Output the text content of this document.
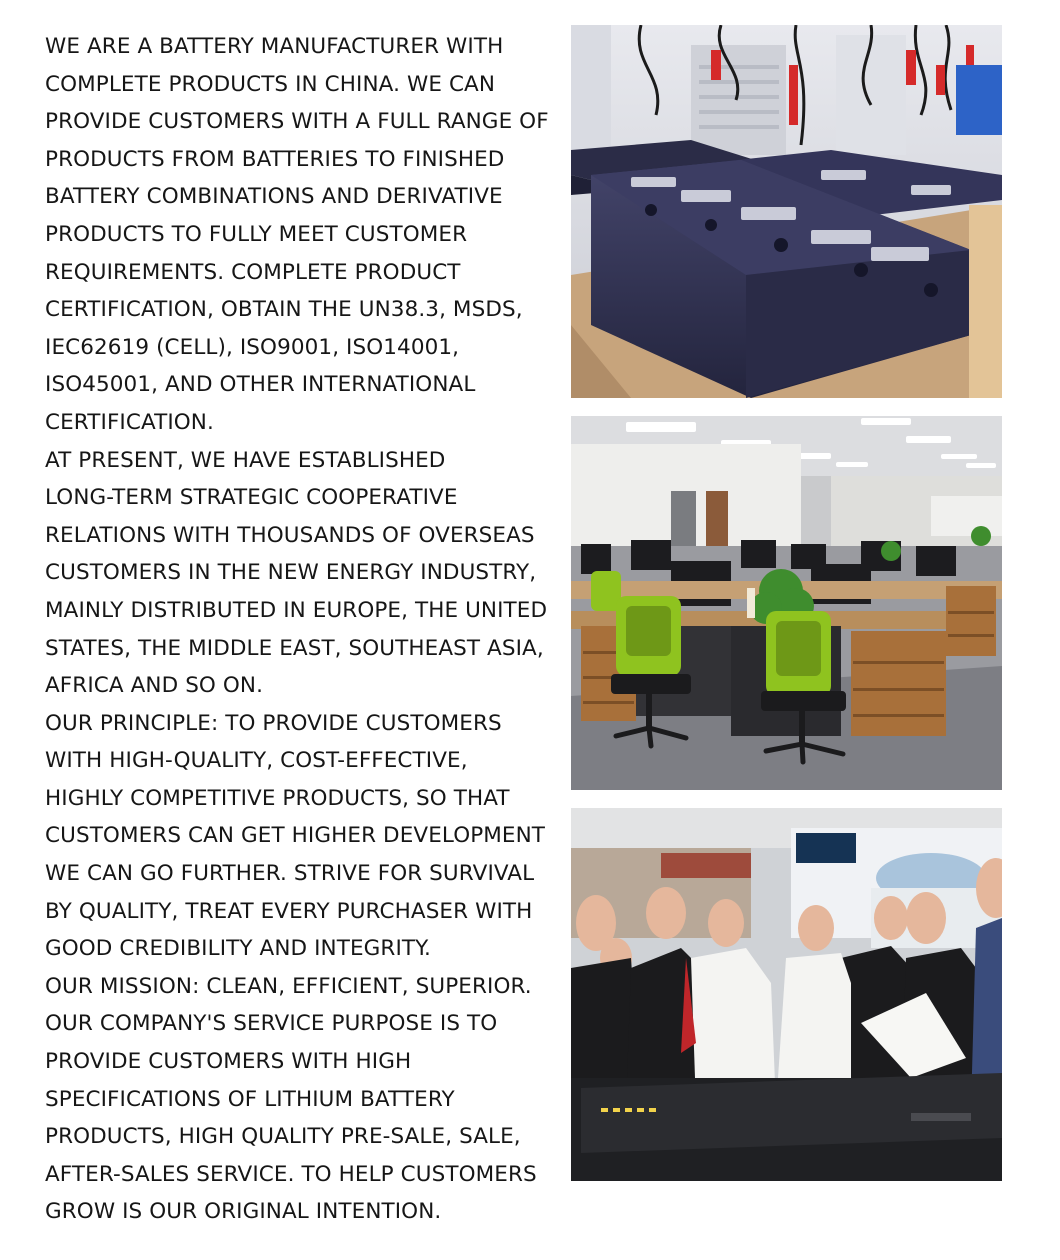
WE ARE A BATTERY MANUFACTURER WITH
COMPLETE PRODUCTS IN CHINA. WE CAN
PROVIDE CUSTOMERS WITH A FULL RANGE OF
PRODUCTS FROM BATTERIES TO FINISHED
BATTERY COMBINATIONS AND DERIVATIVE
PRODUCTS TO FULLY MEET CUSTOMER
REQUIREMENTS. COMPLETE PRODUCT
CERTIFICATION, OBTAIN THE UN38.3, MSDS,
IEC62619 (CELL), ISO9001, ISO14001,
ISO45001, AND OTHER INTERNATIONAL
CERTIFICATION.
AT PRESENT, WE HAVE ESTABLISHED
LONG-TERM STRATEGIC COOPERATIVE
RELATIONS WITH THOUSANDS OF OVERSEAS
CUSTOMERS IN THE NEW ENERGY INDUSTRY,
MAINLY DISTRIBUTED IN EUROPE, THE UNITED
STATES, THE MIDDLE EAST, SOUTHEAST ASIA,
AFRICA AND SO ON.
OUR PRINCIPLE: TO PROVIDE CUSTOMERS
WITH HIGH-QUALITY, COST-EFFECTIVE,
HIGHLY COMPETITIVE PRODUCTS, SO THAT
CUSTOMERS CAN GET HIGHER DEVELOPMENT
WE CAN GO FURTHER. STRIVE FOR SURVIVAL
BY QUALITY, TREAT EVERY PURCHASER WITH
GOOD CREDIBILITY AND INTEGRITY.
OUR MISSION: CLEAN, EFFICIENT, SUPERIOR.
OUR COMPANY'S SERVICE PURPOSE IS TO
PROVIDE CUSTOMERS WITH HIGH
SPECIFICATIONS OF LITHIUM BATTERY
PRODUCTS, HIGH QUALITY PRE-SALE, SALE,
AFTER-SALES SERVICE. TO HELP CUSTOMERS
GROW IS OUR ORIGINAL INTENTION.
